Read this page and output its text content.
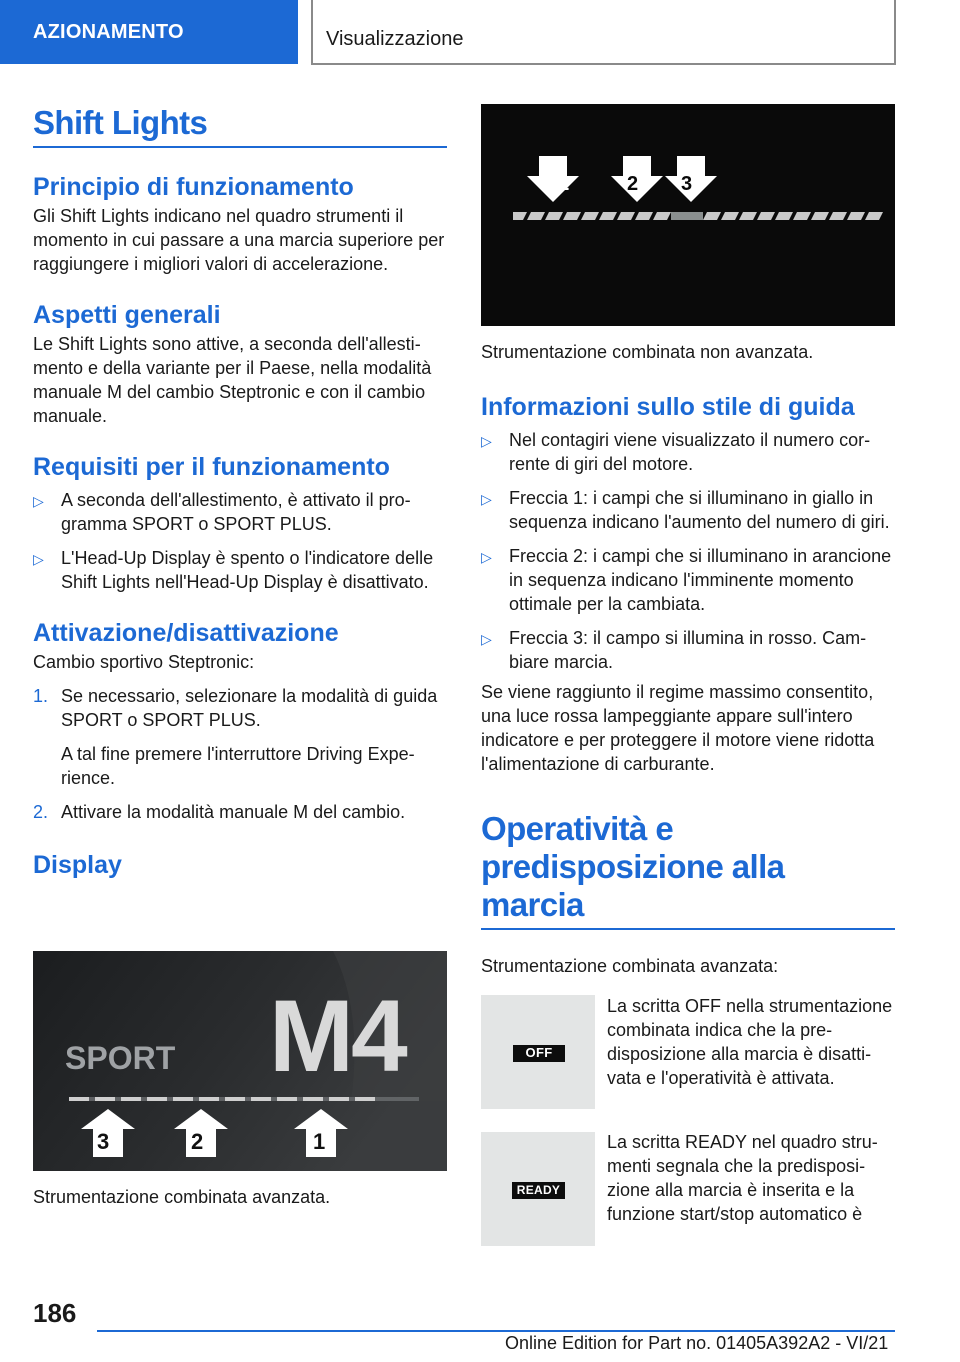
AZIONAMENTO	Visualizzazione
Shift Lights
Principio di funzionamento
Gli Shift Lights indicano nel quadro strumenti il momento in cui passare a una marcia superiore per raggiungere i migliori valori di accelerazione.
Aspetti generali
Le Shift Lights sono attive, a seconda dell'allestimento e della variante per il Paese, nella modalità manuale M del cambio Steptronic e con il cambio manuale.
Requisiti per il funzionamento
▷ A seconda dell'allestimento, è attivato il programma SPORT o SPORT PLUS.
▷ L'Head-Up Display è spento o l'indicatore delle Shift Lights nell'Head-Up Display è disattivato.
Attivazione/disattivazione
Cambio sportivo Steptronic:
1. Se necessario, selezionare la modalità di guida SPORT o SPORT PLUS.
A tal fine premere l'interruttore Driving Experience.
2. Attivare la modalità manuale M del cambio.
Display
SPORT M4
3	2	1
Strumentazione combinata avanzata.
1	2 3
Strumentazione combinata non avanzata.
Informazioni sullo stile di guida
▷ Nel contagiri viene visualizzato il numero corrente di giri del motore.
▷ Freccia 1: i campi che si illuminano in giallo in sequenza indicano l'aumento del numero di giri.
▷ Freccia 2: i campi che si illuminano in arancione in sequenza indicano l'imminente momento ottimale per la cambiata.
▷ Freccia 3: il campo si illumina in rosso. Cambiare marcia.
Se viene raggiunto il regime massimo consentito, una luce rossa lampeggiante appare sull'intero indicatore e per proteggere il motore viene ridotta l'alimentazione di carburante.
Operatività e
predisposizione alla marcia
Strumentazione combinata avanzata:
OFF
La scritta OFF nella strumentazione combinata indica che la predisposizione alla marcia è disattivata e l'operatività è attivata.
READY
La scritta READY nel quadro strumenti segnala che la predisposizione alla marcia è inserita e la funzione start/stop automatico è
186
Online Edition for Part no. 01405A392A2 - VI/21
